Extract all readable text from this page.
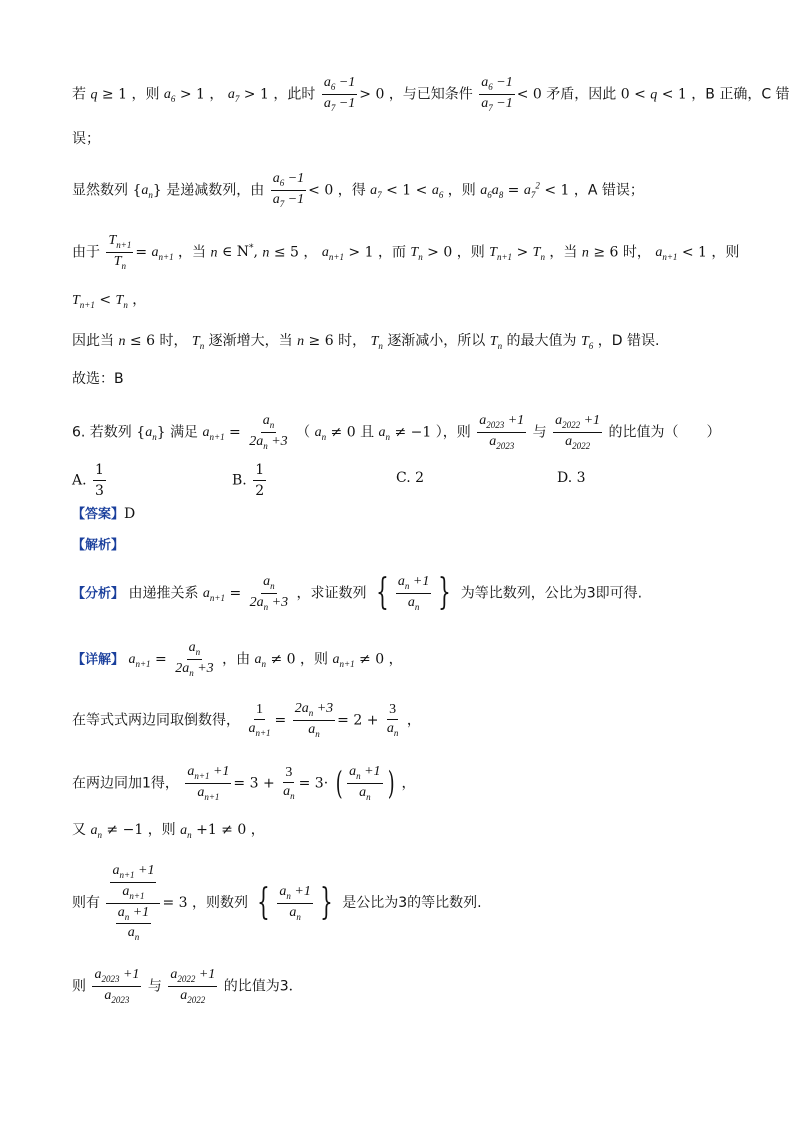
若 q ≥ 1 ，则 $a_6 > 1$ ， $a_7 > 1$ ，此时 $\frac{a_6 -1}{a_7 -1} > 0$ ，与已知条件 $\frac{a_6 -1}{a_7 -1} < 0$ 矛盾，因此 0 < q < 1 ，B 正确，C 错
误；
显然数列 $\{a_n\}$ 是递减数列，由 $\frac{a_6 -1}{a_7 -1} < 0$ ，得 $a_7 < 1 < a_6$ ，则 $a_6a_8 = a_7^2 < 1$ ，A 错误；
由于 $\frac{T_{n+1}}{T_n} = a_{n+1}$ ，当 n ∈ N*, n ≤ 5 ， $a_{n+1} > 1$ ，而 $T_n > 0$ ，则 $T_{n+1} > T_n$ ，当 n ≥ 6 时， $a_{n+1} < 1$ ，则
$T_{n+1} < T_n$ ，
因此当 n ≤ 6 时， $T_n$ 逐渐增大，当 n ≥ 6 时， $T_n$ 逐渐减小，所以 $T_n$ 的最大值为 $T_6$ ，D 错误.
故选：B
6. 若数列 $\{a_n\}$ 满足 $a_{n+1} = \frac{a_n}{2a_n +3}$ （ $a_n \ne 0$ 且 $a_n \ne -1$ ），则 $\frac{a_{2023} +1}{a_{2023}}$ 与 $\frac{a_{2022} +1}{a_{2022}}$ 的比值为（　　）
A. $\frac{1}{3}$	B. $\frac{1}{2}$	C. 2	D. 3
【答案】D
【解析】
【分析】 由递推关系 $a_{n+1} = \frac{a_n}{2a_n +3}$ ，求证数列 { $\frac{a_n +1}{a_n}$ } 为等比数列，公比为3即可得.
【详解】 $a_{n+1} = \frac{a_n}{2a_n +3}$ ，由 $a_n \ne 0$ ，则 $a_{n+1} \ne 0$ ，
在等式式两边同取倒数得， $\frac{1}{a_{n+1}} = \frac{2a_n +3}{a_n} = 2 + \frac{3}{a_n}$ ，
在两边同加1得， $\frac{a_{n+1} +1}{a_{n+1}} = 3 + \frac{3}{a_n} = 3\cdot$ ( $\frac{a_n +1}{a_n}$ ) ，
又 $a_n \ne -1$ ，则 $a_n +1 \ne 0$ ，
则有 $\frac{\frac{a_{n+1} +1}{a_{n+1}}}{\frac{a_n +1}{a_n}} = 3$ ，则数列 { $\frac{a_n +1}{a_n}$ } 是公比为3的等比数列.
则 $\frac{a_{2023} +1}{a_{2023}}$ 与 $\frac{a_{2022} +1}{a_{2022}}$ 的比值为3．
